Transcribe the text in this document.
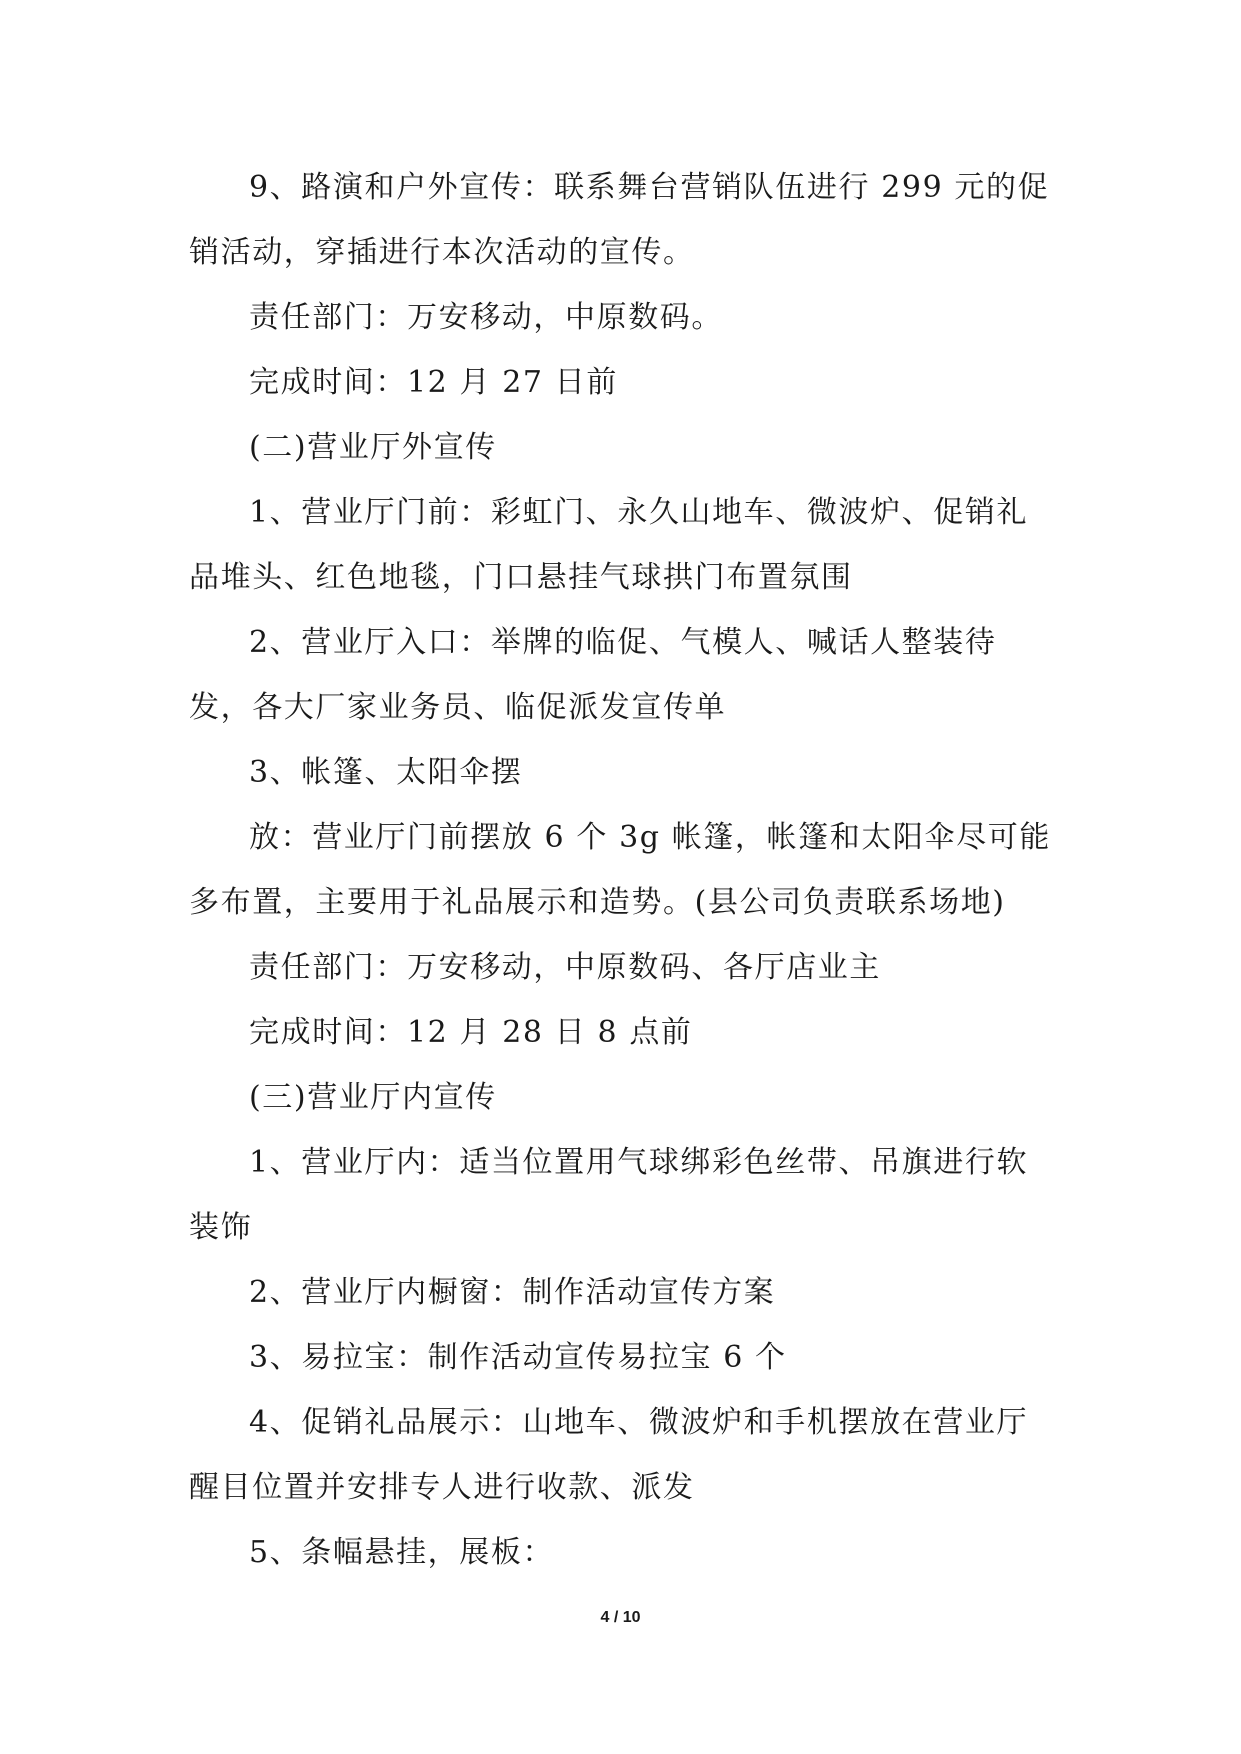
9、路演和户外宣传：联系舞台营销队伍进行 299 元的促销活动，穿插进行本次活动的宣传。

责任部门：万安移动，中原数码。

完成时间：12 月 27 日前

(二)营业厅外宣传

1、营业厅门前：彩虹门、永久山地车、微波炉、促销礼品堆头、红色地毯，门口悬挂气球拱门布置氛围

2、营业厅入口：举牌的临促、气模人、喊话人整装待发，各大厂家业务员、临促派发宣传单

3、帐篷、太阳伞摆

放：营业厅门前摆放 6 个 3g 帐篷，帐篷和太阳伞尽可能多布置，主要用于礼品展示和造势。(县公司负责联系场地)

责任部门：万安移动，中原数码、各厅店业主

完成时间：12 月 28 日 8 点前

(三)营业厅内宣传

1、营业厅内：适当位置用气球绑彩色丝带、吊旗进行软装饰

2、营业厅内橱窗：制作活动宣传方案

3、易拉宝：制作活动宣传易拉宝 6 个

4、促销礼品展示：山地车、微波炉和手机摆放在营业厅醒目位置并安排专人进行收款、派发

5、条幅悬挂，展板：

4 / 10
